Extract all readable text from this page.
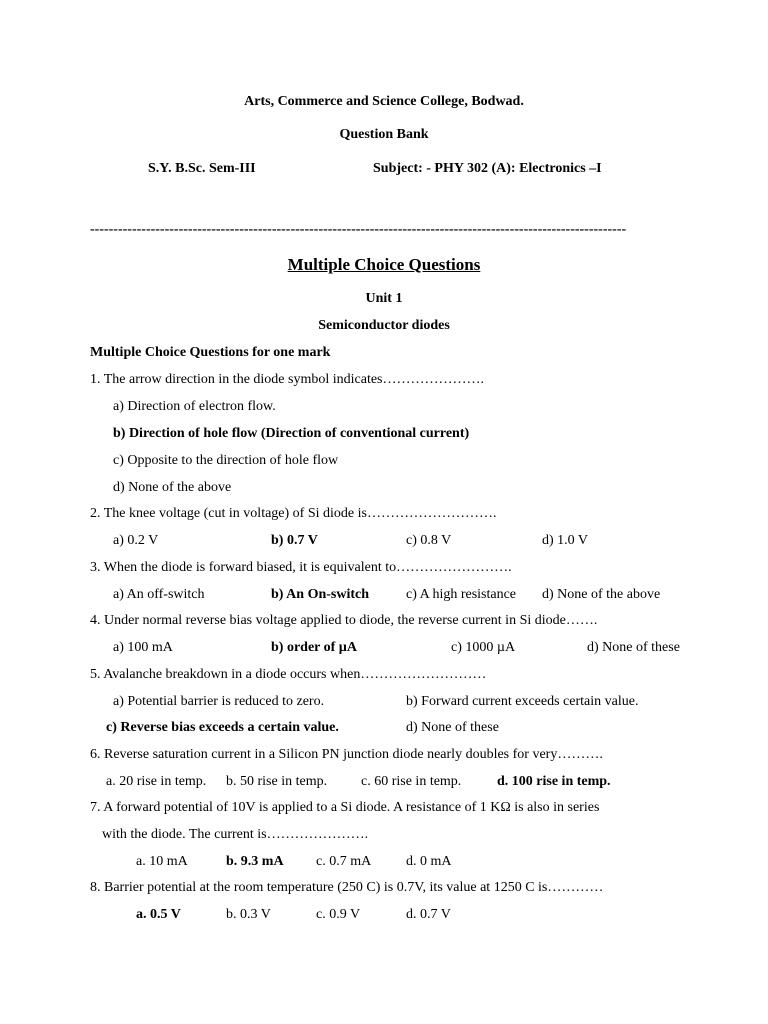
Arts, Commerce and Science College, Bodwad.
Question Bank
S.Y. B.Sc. Sem-III	Subject: - PHY 302 (A): Electronics –I
-------------------------------------------------------------------------------------------------------------------
Multiple Choice Questions
Unit 1
Semiconductor diodes
Multiple Choice Questions for one mark
1. The arrow direction in the diode symbol indicates………………….
a) Direction of electron flow.
b) Direction of hole flow (Direction of conventional current)
c) Opposite to the direction of hole flow
d) None of the above
2. The knee voltage (cut in voltage) of Si diode is……………………….
a) 0.2 V	b) 0.7 V	c) 0.8 V	d) 1.0 V
3. When the diode is forward biased, it is equivalent to…………………….
a) An off-switch	b) An On-switch	c) A high resistance d) None of the above
4. Under normal reverse bias voltage applied to diode, the reverse current in Si diode…….
a) 100 mA	b) order of µA	c) 1000 µA	d) None of these
5. Avalanche breakdown in a diode occurs when………………………
a) Potential barrier is reduced to zero.	b) Forward current exceeds certain value.
c) Reverse bias exceeds a certain value.	d) None of these
6. Reverse saturation current in a Silicon PN junction diode nearly doubles for very……….
a. 20 rise in temp. b. 50 rise in temp. c. 60 rise in temp.	d. 100 rise in temp.
7. A forward potential of 10V is applied to a Si diode. A resistance of 1 KΩ is also in series
with the diode. The current is………………….
a. 10 mA	b. 9.3 mA c. 0.7 mA d. 0 mA
8. Barrier potential at the room temperature (250 C) is 0.7V, its value at 1250 C is…………
a. 0.5 V	b. 0.3 V	c. 0.9 V	d. 0.7 V
